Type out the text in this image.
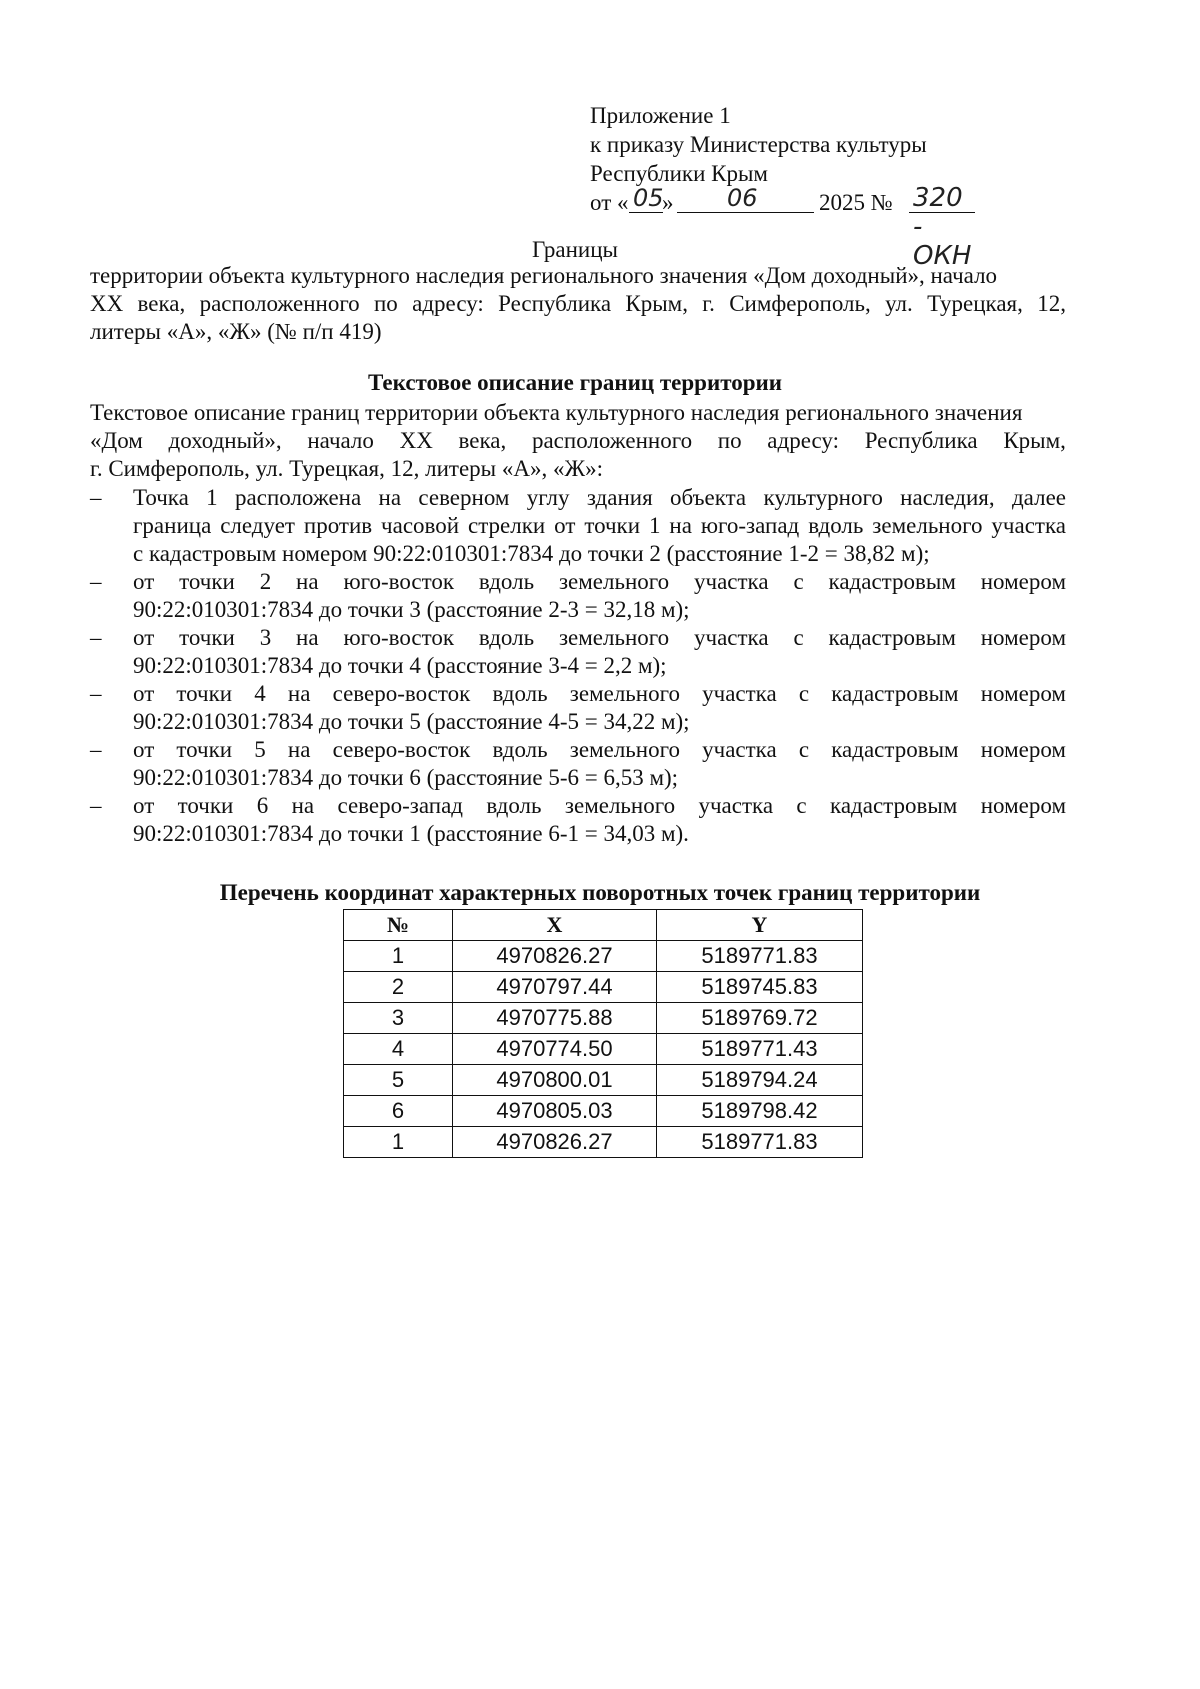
Приложение 1
к приказу Министерства культуры
Республики Крым
от « 05
» 06	2025 № 320 - ОКН
Границы
территории объекта культурного наследия регионального значения «Дом доходный», начало
XX века, расположенного по адресу: Республика Крым, г. Симферополь, ул. Турецкая, 12,
литеры «А», «Ж» (№ п/п 419)
Текстовое описание границ территории
Текстовое описание границ территории объекта культурного наследия регионального значения
«Дом доходный», начало XX века, расположенного по адресу: Республика Крым,
г. Симферополь, ул. Турецкая, 12, литеры «А», «Ж»:
– Точка 1 расположена на северном углу здания объекта культурного наследия, далее
граница следует против часовой стрелки от точки 1 на юго-запад вдоль земельного участка
с кадастровым номером 90:22:010301:7834 до точки 2 (расстояние 1-2 = 38,82 м);
– от точки 2 на юго-восток вдоль земельного участка с кадастровым номером
90:22:010301:7834 до точки 3 (расстояние 2-3 = 32,18 м);
– от точки 3 на юго-восток вдоль земельного участка с кадастровым номером
90:22:010301:7834 до точки 4 (расстояние 3-4 = 2,2 м);
– от точки 4 на северо-восток вдоль земельного участка с кадастровым номером
90:22:010301:7834 до точки 5 (расстояние 4-5 = 34,22 м);
– от точки 5 на северо-восток вдоль земельного участка с кадастровым номером
90:22:010301:7834 до точки 6 (расстояние 5-6 = 6,53 м);
– от точки 6 на северо-запад вдоль земельного участка с кадастровым номером
90:22:010301:7834 до точки 1 (расстояние 6-1 = 34,03 м).
Перечень координат характерных поворотных точек границ территории
№	X	Y
1	4970826.27	5189771.83
2	4970797.44	5189745.83
3	4970775.88	5189769.72
4	4970774.50	5189771.43
5	4970800.01	5189794.24
6	4970805.03	5189798.42
1	4970826.27	5189771.83
